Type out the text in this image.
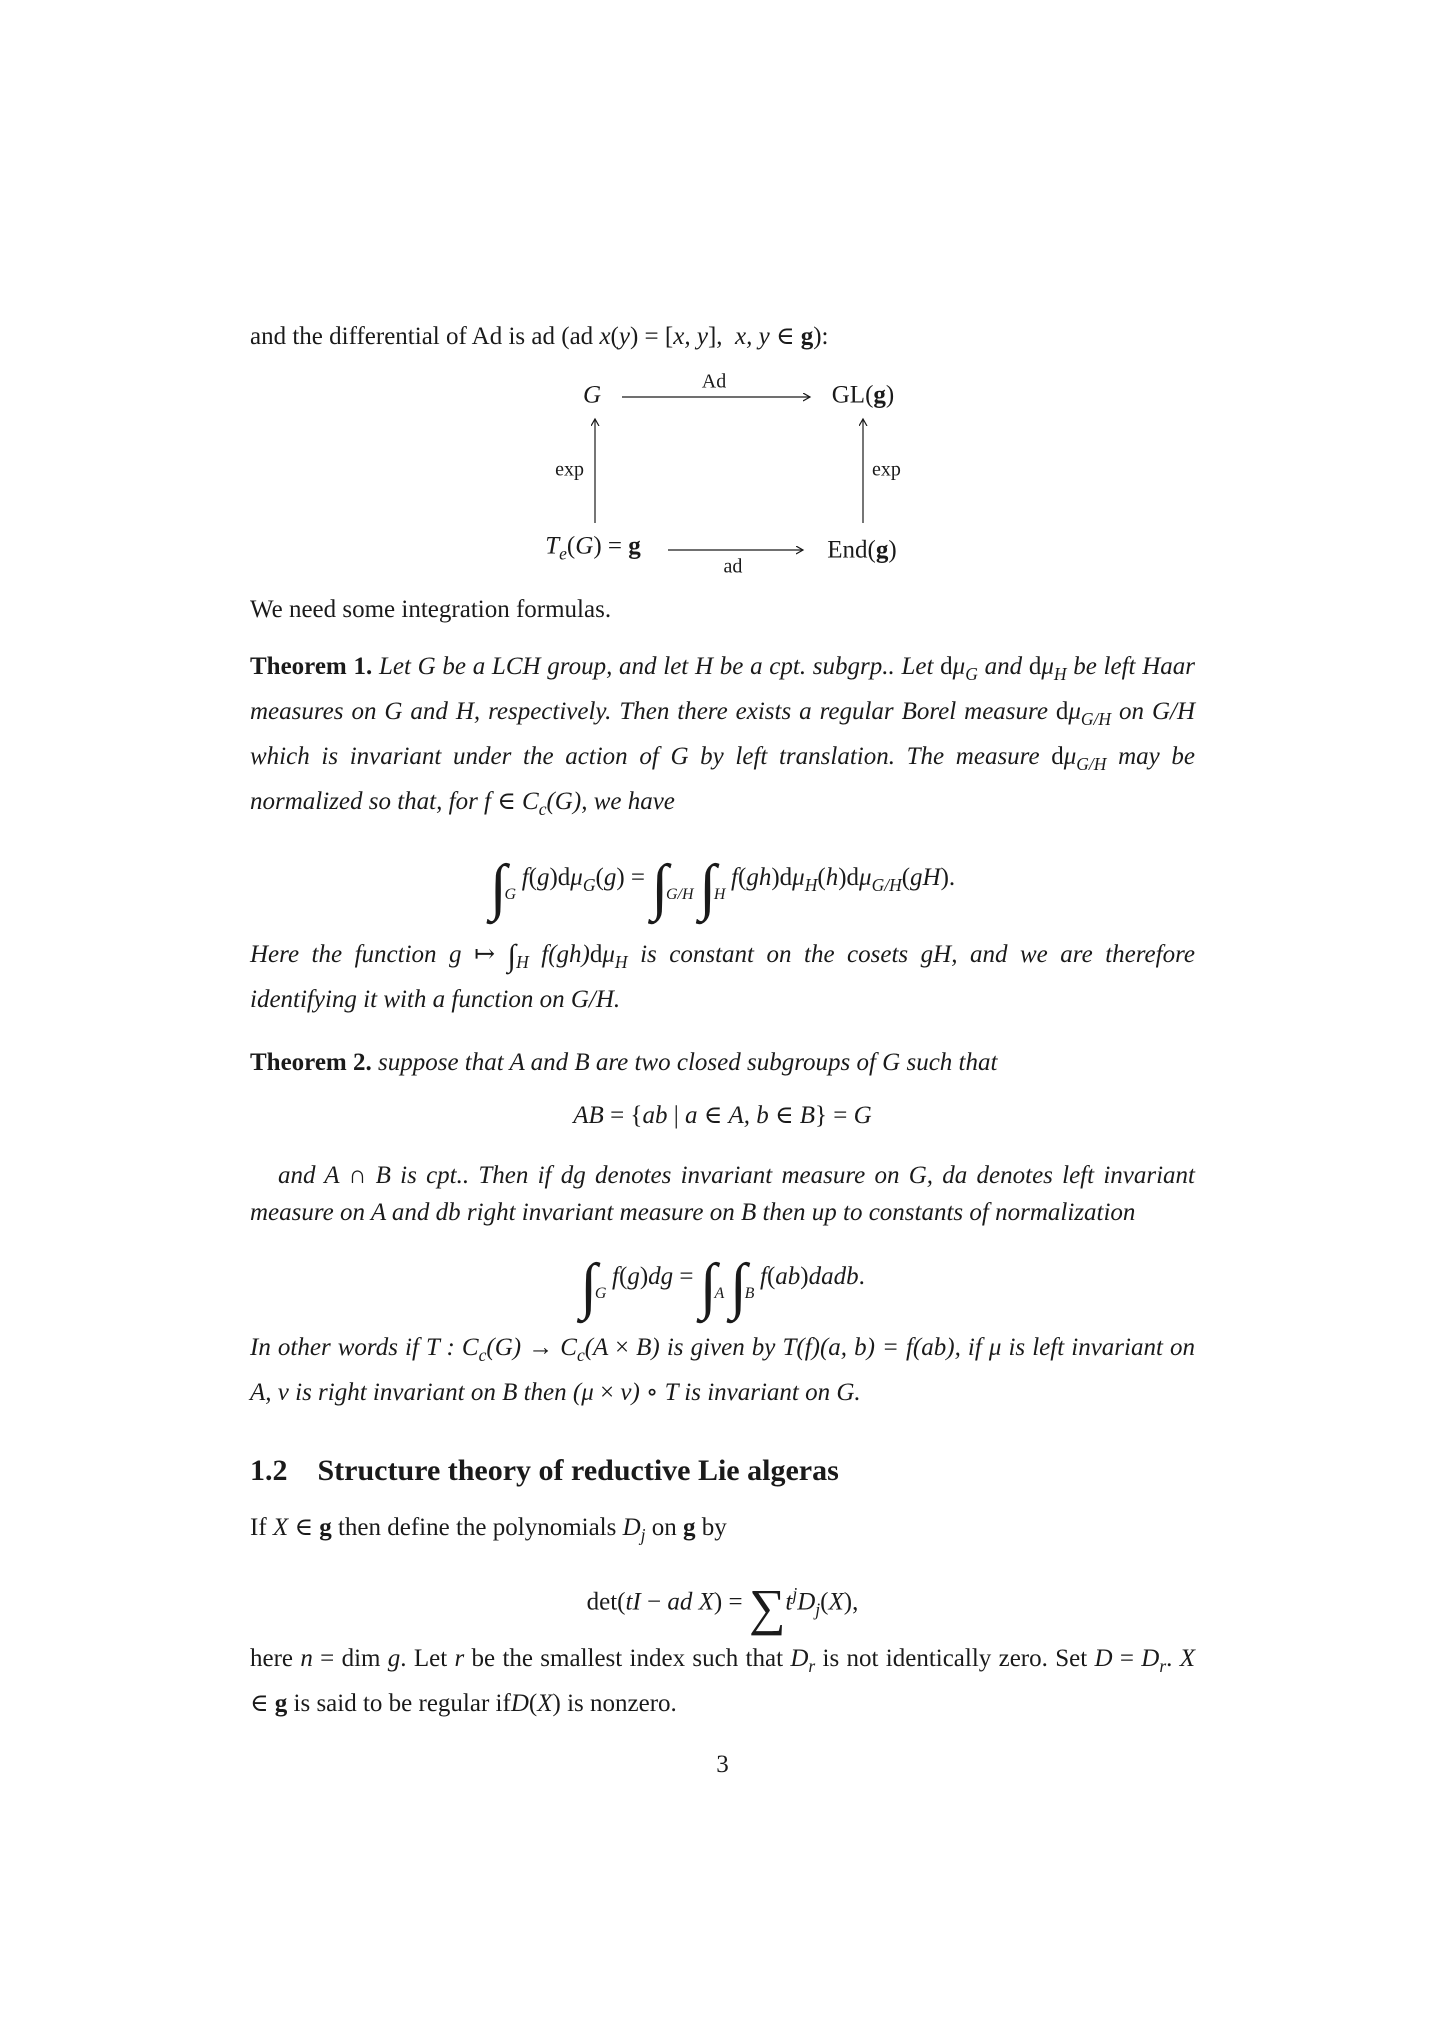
and the differential of Ad is ad (ad x(y) = [x, y], x, y ∈ g):

G	Ad	GL(g)
exp	exp
$T_e(G) = g$
ad
End(g)

We need some integration formulas.

Theorem 1. Let G be a LCH group, and let H be a cpt. subgrp.. Let $d\mu_G$ and $d\mu_H$ be left Haar measures on G and H, respectively. Then there exists a regular Borel measure $d\mu_{G/H}$ on G/H which is invariant under the action of G by left translation. The measure $d\mu_{G/H}$ may be normalized so that, for f ∈ $C_c(G)$, we have

$\int_Gf(g)d\mu_G(g) = \int_{G/H}\int_Hf(gh)d\mu_H(h)d\mu_{G/H}(gH)$.

Here the function g ↦ $\int_H$ $f(gh)d\mu_H$ is constant on the cosets gH, and we are therefore identifying it with a function on G/H.

Theorem 2. suppose that A and B are two closed subgroups of G such that

AB = {ab | a ∈ A, b ∈ B} = G

and A ∩ B is cpt.. Then if dg denotes invariant measure on G, da denotes left invariant measure on A and db right invariant measure on B then up to constants of normalization

$\int_Gf(g)dg$ = $\int_A\int_Bf(ab)dadb$.

In other words if T : $C_c(G) \to C_c(A \times B)$ is given by T(f)(a, b) = f(ab), if μ is left invariant on A, ν is right invariant on B then (μ × ν) ∘ T is invariant on G.

1.2 Structure theory of reductive Lie algeras

If X ∈ g then define the polynomials $D_j$ on g by

det(tI − ad $X) = \sum t^jD_j(X)$,

here n = dim g. Let r be the smallest index such that $D_r$ is not identically zero. Set $D = D_r$. X ∈ g is said to be regular ifD(X) is nonzero.

3
